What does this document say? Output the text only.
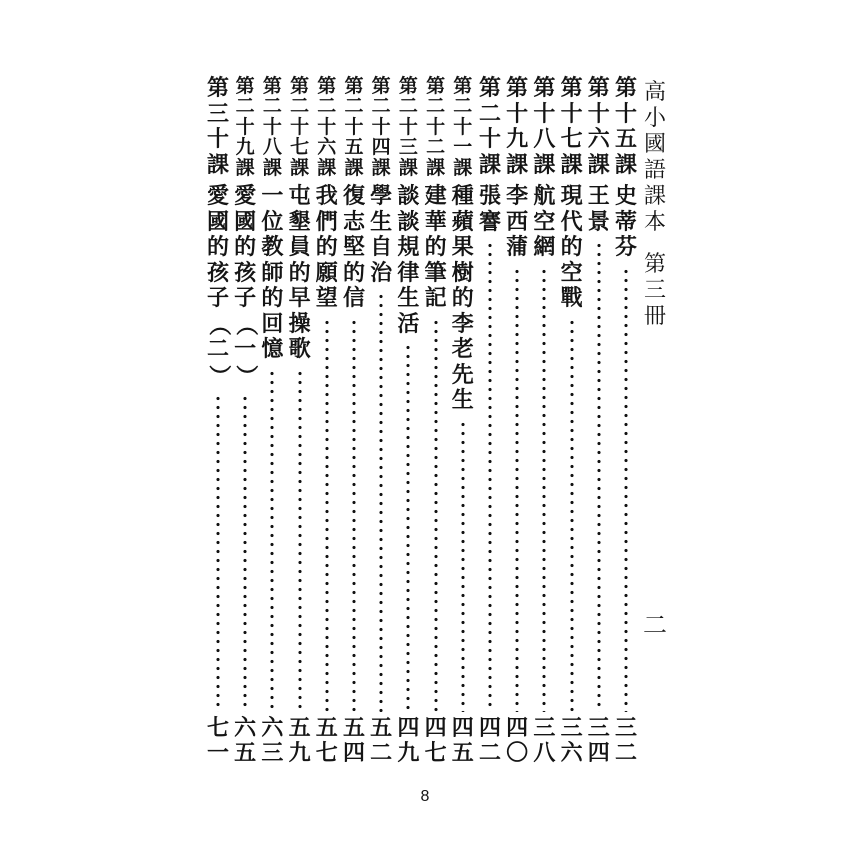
高
小
國
語
課
本
第
三
冊
二
第
十
五
課
史
蒂
芬
三
二
第
十
六
課
王
景
三
四
第
十
七
課
現
代
的
空
戰
三
六
第
十
八
課
航
空
網
三
八
第
十
九
課
李
西
蒲
四
〇
第
二
十
課
張
謇
四
二
第
二
十
一
課
種
蘋
果
樹
的
李
老
先
生
四
五
第
二
十
二
課
建
華
的
筆
記
四
七
第
二
十
三
課
談
談
規
律
生
活
四
九
第
二
十
四
課
學
生
自
治
五
二
第
二
十
五
課
復
志
堅
的
信
五
四
第
二
十
六
課
我
們
的
願
望
五
七
第
二
十
七
課
屯
墾
員
的
早
操
歌
五
九
第
二
十
八
課
一
位
教
師
的
回
憶
六
三
第
二
十
九
課
愛
國
的
孩
子
（
一
）
六
五
第
三
十
課
愛
國
的
孩
子
（
二
）
七
一
8
